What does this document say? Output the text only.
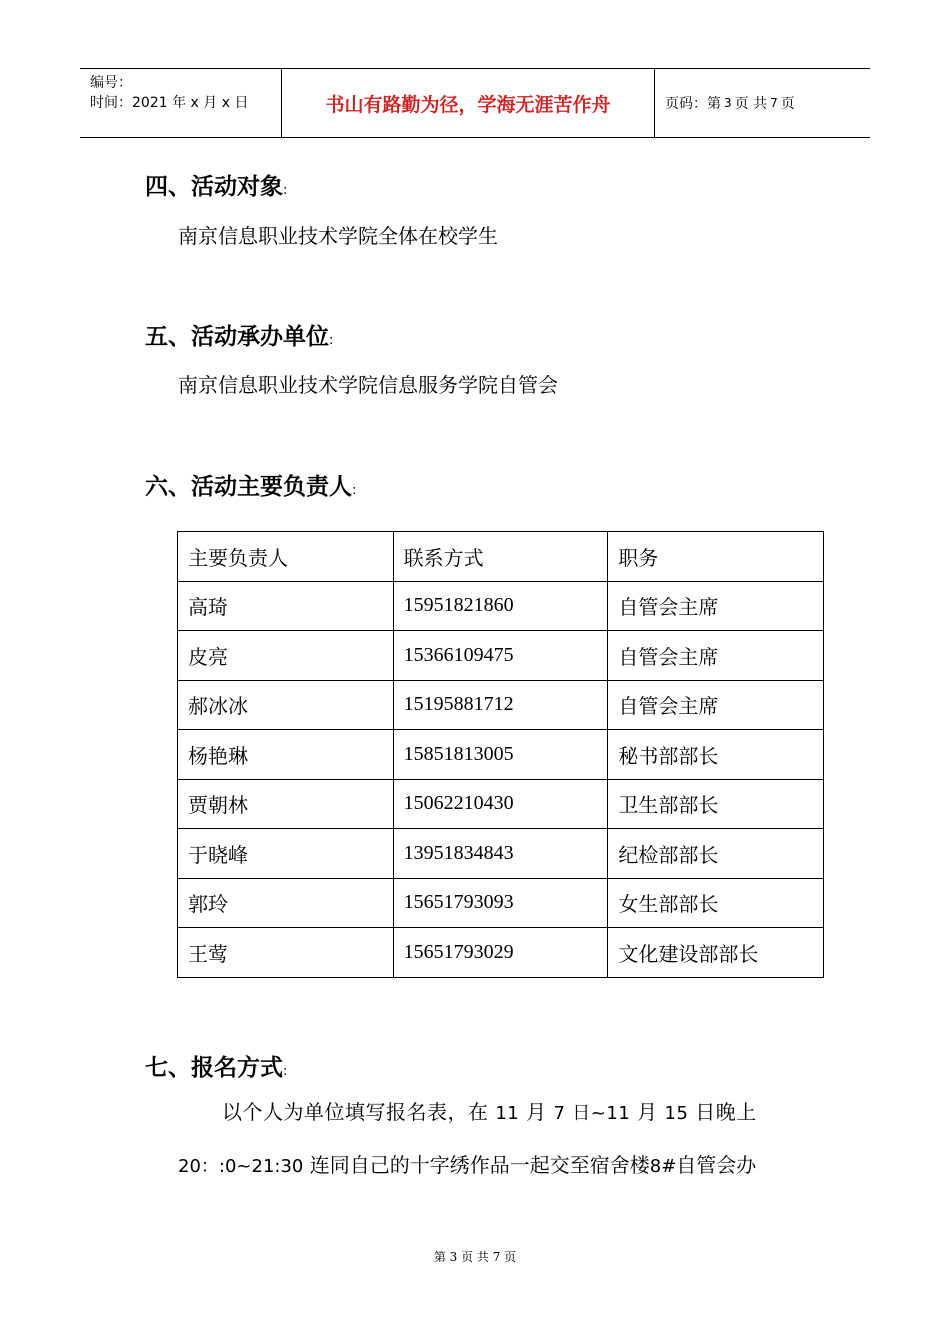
编号：
时间：2021 年 x 月 x 日	书山有路勤为径，学海无涯苦作舟	页码：第 3 页 共 7 页
四、活动对象:
南京信息职业技术学院全体在校学生
五、活动承办单位:
南京信息职业技术学院信息服务学院自管会
六、活动主要负责人:
主要负责人	联系方式	职务
高琦	15951821860	自管会主席
皮亮	15366109475	自管会主席
郝冰冰	15195881712	自管会主席
杨艳琳	15851813005	秘书部部长
贾朝林	15062210430	卫生部部长
于晓峰	13951834843	纪检部部长
郭玲	15651793093	女生部部长
王莺	15651793029	文化建设部部长
七、报名方式:
以个人为单位填写报名表，在 11 月 7 日~11 月 15 日晚上
20：:0~21:30 连同自己的十字绣作品一起交至宿舍楼8#自管会办
第 3 页 共 7 页
